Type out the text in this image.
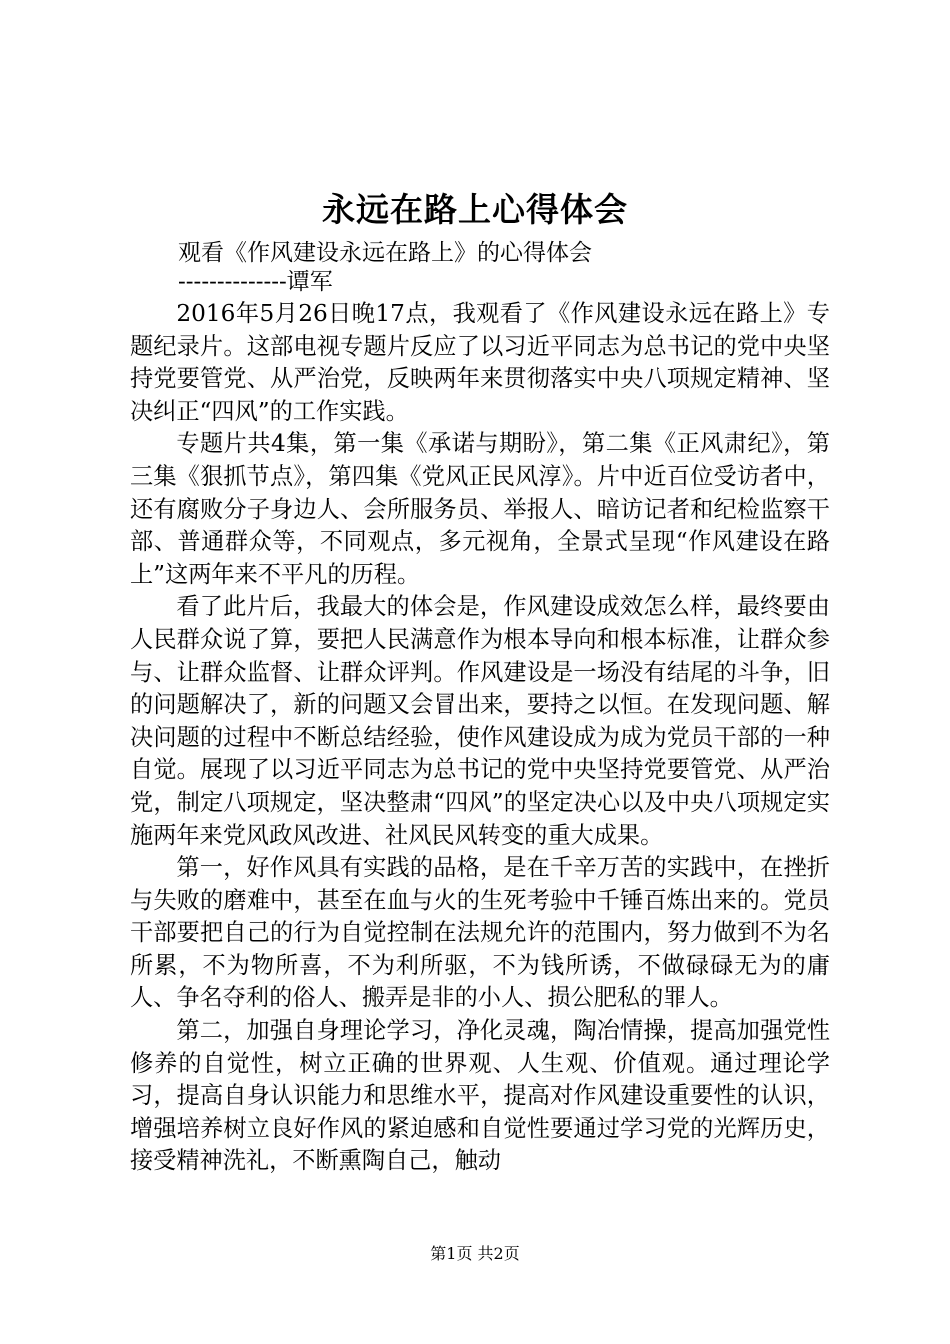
永远在路上心得体会
观看《作风建设永远在路上》的心得体会
--------------谭军

2016年5月26日晚17点，我观看了《作风建设永远在路上》专题纪录片。这部电视专题片反应了以习近平同志为总书记的党中央坚持党要管党、从严治党，反映两年来贯彻落实中央八项规定精神、坚决纠正“四风”的工作实践。

专题片共4集，第一集《承诺与期盼》，第二集《正风肃纪》，第三集《狠抓节点》，第四集《党风正民风淳》。片中近百位受访者中，还有腐败分子身边人、会所服务员、举报人、暗访记者和纪检监察干部、普通群众等，不同观点，多元视角，全景式呈现“作风建设在路上”这两年来不平凡的历程。

看了此片后，我最大的体会是，作风建设成效怎么样，最终要由人民群众说了算，要把人民满意作为根本导向和根本标准，让群众参与、让群众监督、让群众评判。作风建设是一场没有结尾的斗争，旧的问题解决了，新的问题又会冒出来，要持之以恒。在发现问题、解决问题的过程中不断总结经验，使作风建设成为成为党员干部的一种自觉。展现了以习近平同志为总书记的党中央坚持党要管党、从严治党，制定八项规定，坚决整肃“四风”的坚定决心以及中央八项规定实施两年来党风政风改进、社风民风转变的重大成果。

第一，好作风具有实践的品格，是在千辛万苦的实践中，在挫折与失败的磨难中，甚至在血与火的生死考验中千锤百炼出来的。党员干部要把自己的行为自觉控制在法规允许的范围内，努力做到不为名所累，不为物所喜，不为利所驱，不为钱所诱，不做碌碌无为的庸人、争名夺利的俗人、搬弄是非的小人、损公肥私的罪人。

第二，加强自身理论学习，净化灵魂，陶冶情操，提高加强党性修养的自觉性，树立正确的世界观、人生观、价值观。通过理论学习，提高自身认识能力和思维水平，提高对作风建设重要性的认识，增强培养树立良好作风的紧迫感和自觉性要通过学习党的光辉历史，接受精神洗礼，不断熏陶自己，触动

第1页 共2页
